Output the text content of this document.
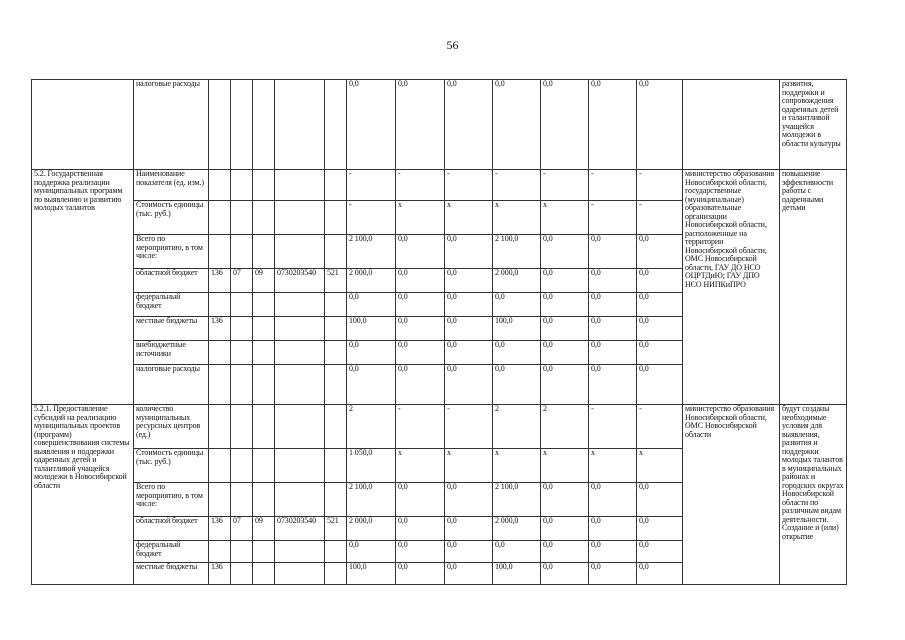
56
	налоговые расходы						0,0	0,0	0,0	0,0	0,0	0,0	0,0		развития, поддержки и сопровождения одаренных детей и талантливой учащейся молодежи в области культуры
5.2. Государственная поддержка реализации муниципальных программ по выявлению и развитию молодых талантов	Наименование показателя (ед. изм.)						-	-	-	-	-	-	-	министерство образования Новосибирской области, государственные (муниципальные) образовательные организации Новосибирской области, расположенные на территории Новосибирской области, ОМС Новосибирской области, ГАУ ДО НСО ОЦРТДиЮ; ГАУ ДПО НСО НИПКиПРО	повышение эффективности работы с одаренными детьми
	Стоимость единицы (тыс. руб.)						-	х	х	х	х	-	-		
	Всего по мероприятию, в том числе:						2 100,0	0,0	0,0	2 100,0	0,0	0,0	0,0		
	областной бюджет	136	07	09	0730203540	521	2 000,0	0,0	0,0	2 000,0	0,0	0,0	0,0		
	федеральный бюджет						0,0	0,0	0,0	0,0	0,0	0,0	0,0		
	местные бюджеты	136					100,0	0,0	0,0	100,0	0,0	0,0	0,0		
	внебюджетные источники						0,0	0,0	0,0	0,0	0,0	0,0	0,0		
	налоговые расходы						0,0	0,0	0,0	0,0	0,0	0,0	0,0		
5.2.1. Предоставление субсидий на реализацию муниципальных проектов (программ) совершенствования системы выявления и поддержки одаренных детей и талантливой учащейся молодежи в Новосибирской области	количество муниципальных ресурсных центров (ед.)						2	-	-	2	2	-	-	министерство образования Новосибирской области, ОМС Новосибирской области	будут созданы необходимые условия для выявления, развития и поддержки молодых талантов в муниципальных районах и городских округах Новосибирской области по различным видам деятельности. Создание и (или) открытие
	Стоимость единицы (тыс. руб.)						1 050,0	х	х	х	х	х	х		
	Всего по мероприятию, в том числе:						2 100,0	0,0	0,0	2 100,0	0,0	0,0	0,0		
	областной бюджет	136	07	09	0730203540	521	2 000,0	0,0	0,0	2 000,0	0,0	0,0	0,0		
	федеральный бюджет						0,0	0,0	0,0	0,0	0,0	0,0	0,0		
	местные бюджеты	136					100,0	0,0	0,0	100,0	0,0	0,0	0,0		
